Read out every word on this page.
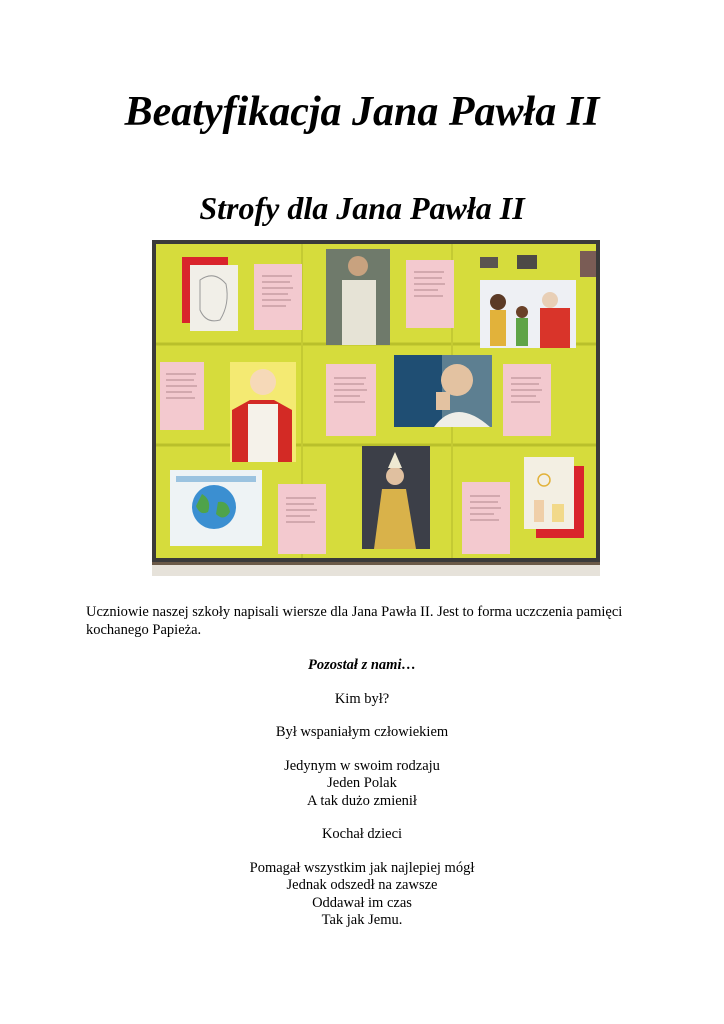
Beatyfikacja Jana Pawła II
Strofy dla Jana Pawła II

Uczniowie naszej szkoły napisali wiersze dla Jana Pawła II. Jest to forma uczczenia pamięci kochanego Papieża.

Pozostał z nami…

Kim był?

Był wspaniałym człowiekiem

Jedynym w swoim rodzaju
Jeden Polak
A tak dużo zmienił

Kochał dzieci

Pomagał wszystkim jak najlepiej mógł
Jednak odszedł na zawsze
Oddawał im czas
Tak jak Jemu.
